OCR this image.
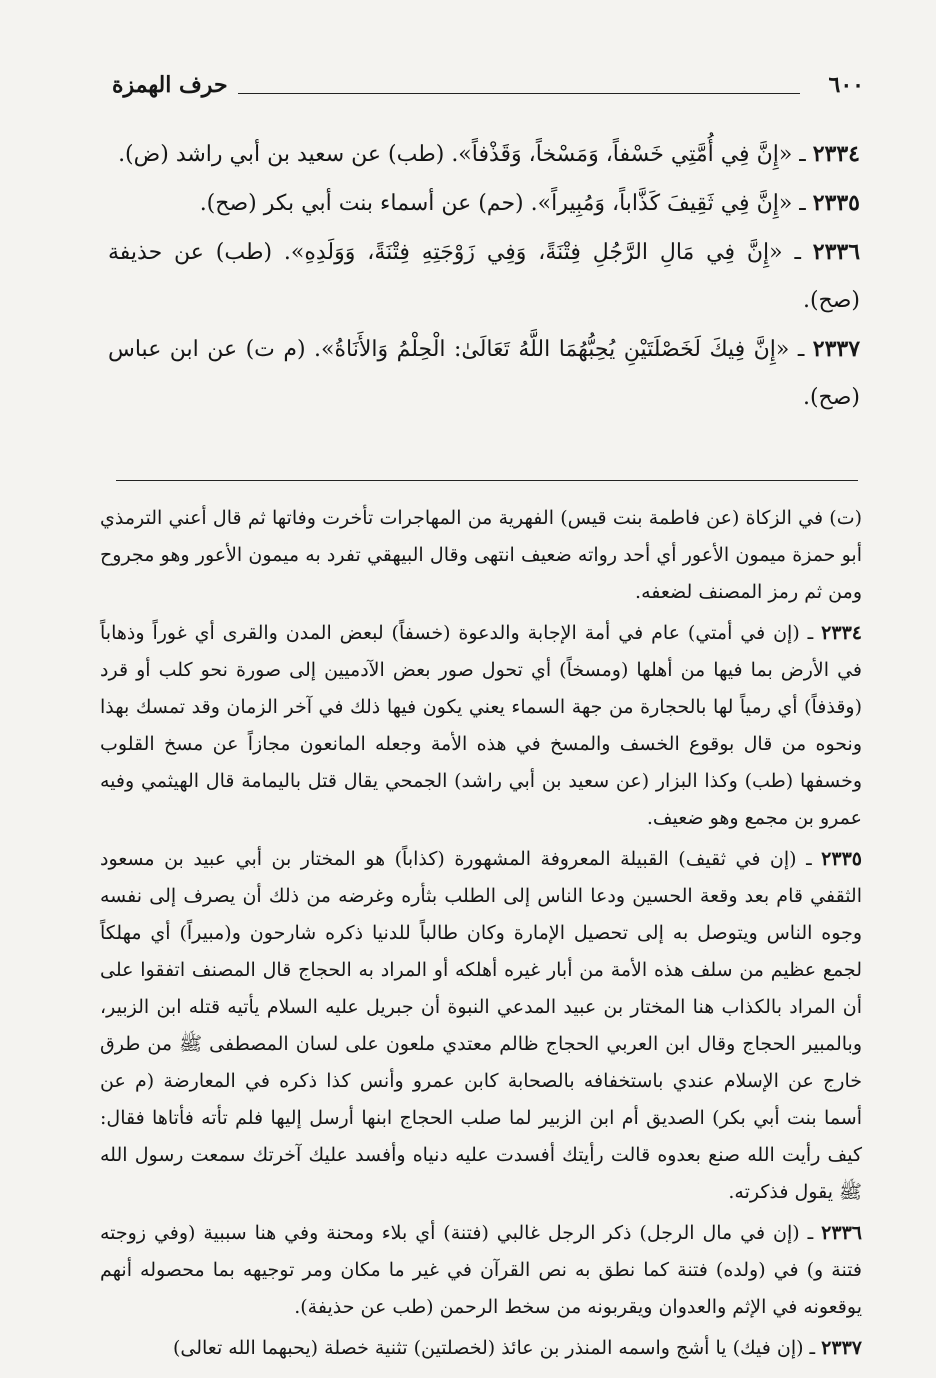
٦٠٠
حرف الهمزة

٢٣٣٤ ـ «إِنَّ فِي أُمَّتِي خَسْفاً، وَمَسْخاً، وَقَذْفاً». (طب) عن سعيد بن أبي راشد (ض).

٢٣٣٥ ـ «إِنَّ فِي ثَقِيفَ كَذَّاباً، وَمُبِيراً». (حم) عن أسماء بنت أبي بكر (صح).

٢٣٣٦ ـ «إِنَّ فِي مَالِ الرَّجُلِ فِتْنَةً، وَفِي زَوْجَتِهِ فِتْنَةً، وَوَلَدِهِ». (طب) عن حذيفة (صح).

٢٣٣٧ ـ «إِنَّ فِيكَ لَخَصْلَتَيْنِ يُحِبُّهُمَا اللَّهُ تَعَالَىٰ: الْحِلْمُ وَالأَنَاةُ». (م ت) عن ابن عباس (صح).

(ت) في الزكاة (عن فاطمة بنت قيس) الفهرية من المهاجرات تأخرت وفاتها ثم قال أعني الترمذي أبو حمزة ميمون الأعور أي أحد رواته ضعيف انتهى وقال البيهقي تفرد به ميمون الأعور وهو مجروح ومن ثم رمز المصنف لضعفه.

٢٣٣٤ ـ (إن في أمتي) عام في أمة الإجابة والدعوة (خسفاً) لبعض المدن والقرى أي غوراً وذهاباً في الأرض بما فيها من أهلها (ومسخاً) أي تحول صور بعض الآدميين إلى صورة نحو كلب أو قرد (وقذفاً) أي رمياً لها بالحجارة من جهة السماء يعني يكون فيها ذلك في آخر الزمان وقد تمسك بهذا ونحوه من قال بوقوع الخسف والمسخ في هذه الأمة وجعله المانعون مجازاً عن مسخ القلوب وخسفها (طب) وكذا البزار (عن سعيد بن أبي راشد) الجمحي يقال قتل باليمامة قال الهيثمي وفيه عمرو بن مجمع وهو ضعيف.

٢٣٣٥ ـ (إن في ثقيف) القبيلة المعروفة المشهورة (كذاباً) هو المختار بن أبي عبيد بن مسعود الثقفي قام بعد وقعة الحسين ودعا الناس إلى الطلب بثأره وغرضه من ذلك أن يصرف إلى نفسه وجوه الناس ويتوصل به إلى تحصيل الإمارة وكان طالباً للدنيا ذكره شارحون و(مبيراً) أي مهلكاً لجمع عظيم من سلف هذه الأمة من أبار غيره أهلكه أو المراد به الحجاج قال المصنف اتفقوا على أن المراد بالكذاب هنا المختار بن عبيد المدعي النبوة أن جبريل عليه السلام يأتيه قتله ابن الزبير، وبالمبير الحجاج وقال ابن العربي الحجاج ظالم معتدي ملعون على لسان المصطفى ﷺ من طرق خارج عن الإسلام عندي باستخفافه بالصحابة كابن عمرو وأنس كذا ذكره في المعارضة (م عن أسما بنت أبي بكر) الصديق أم ابن الزبير لما صلب الحجاج ابنها أرسل إليها فلم تأته فأتاها فقال: كيف رأيت الله صنع بعدوه قالت رأيتك أفسدت عليه دنياه وأفسد عليك آخرتك سمعت رسول الله ﷺ يقول فذكرته.

٢٣٣٦ ـ (إن في مال الرجل) ذكر الرجل غالبي (فتنة) أي بلاء ومحنة وفي هنا سببية (وفي زوجته فتنة و) في (ولده) فتنة كما نطق به نص القرآن في غير ما مكان ومر توجيهه بما محصوله أنهم يوقعونه في الإثم والعدوان ويقربونه من سخط الرحمن (طب عن حذيفة).

٢٣٣٧ ـ (إن فيك) يا أشج واسمه المنذر بن عائذ (لخصلتين) تثنية خصلة (يحبهما الله تعالى)
